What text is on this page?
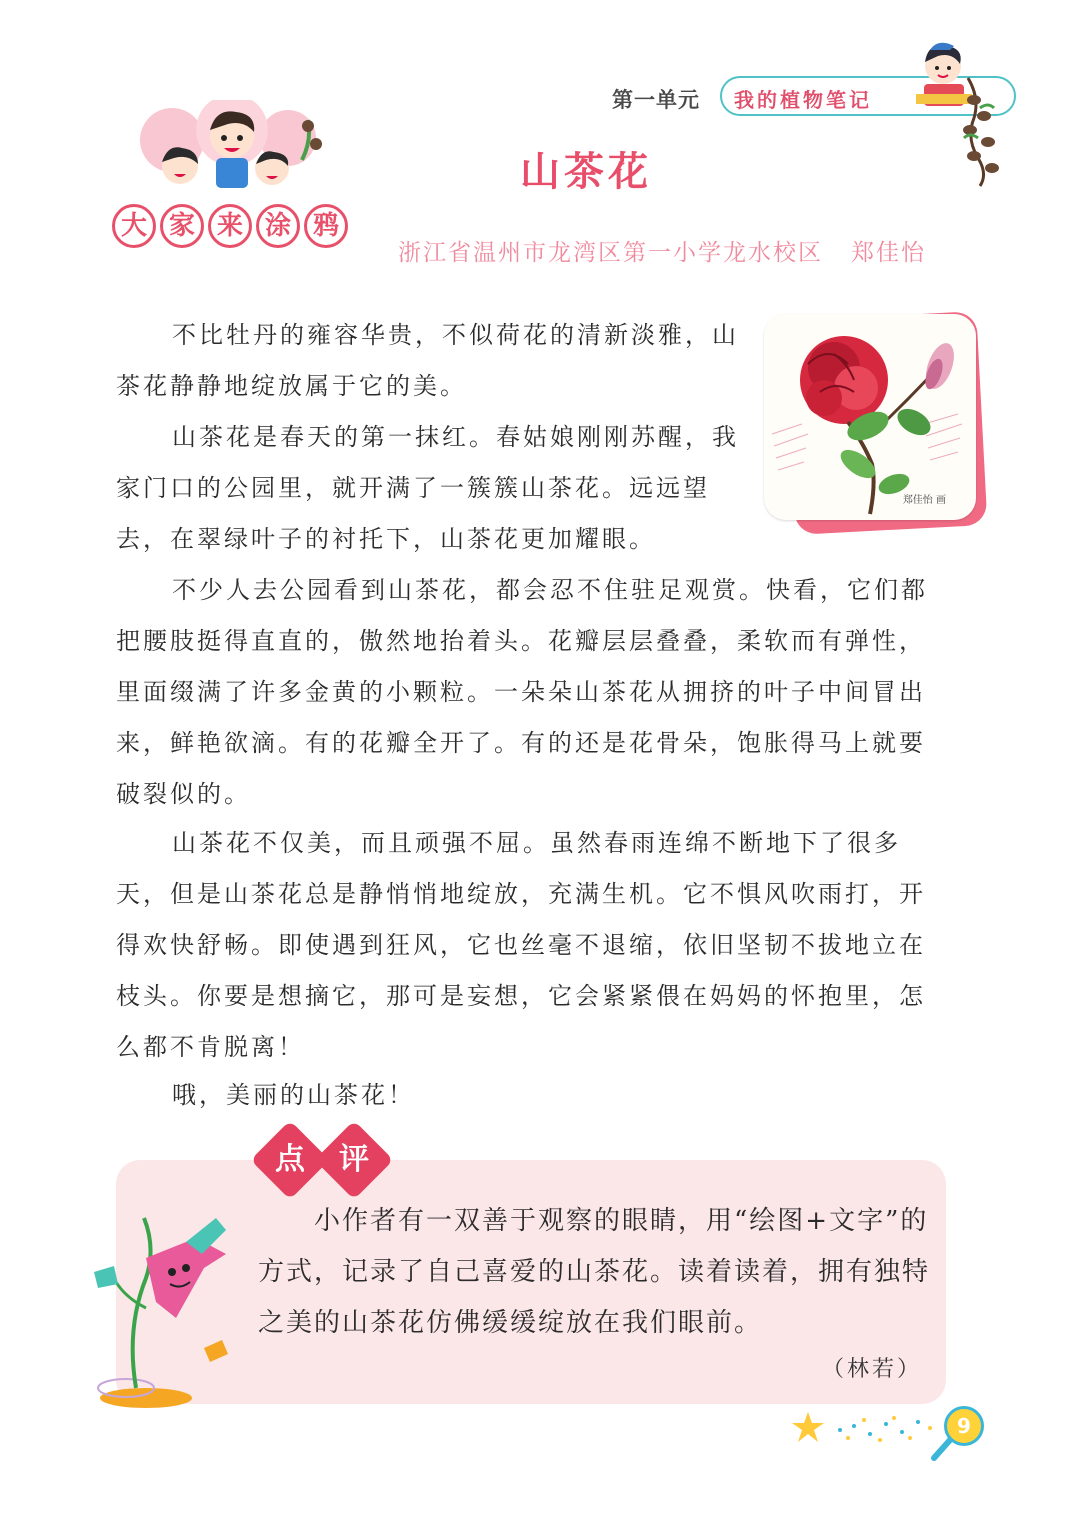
第一单元 我的植物笔记
大 家 来 涂 鸦
山茶花
浙江省温州市龙湾区第一小学龙水校区 郑佳怡
郑佳怡 画

不比牡丹的雍容华贵，不似荷花的清新淡雅，山茶花静静地绽放属于它的美。

山茶花是春天的第一抹红。春姑娘刚刚苏醒，我家门口的公园里，就开满了一簇簇山茶花。远远望去，在翠绿叶子的衬托下，山茶花更加耀眼。

不少人去公园看到山茶花，都会忍不住驻足观赏。快看，它们都把腰肢挺得直直的，傲然地抬着头。花瓣层层叠叠，柔软而有弹性，里面缀满了许多金黄的小颗粒。一朵朵山茶花从拥挤的叶子中间冒出来，鲜艳欲滴。有的花瓣全开了。有的还是花骨朵，饱胀得马上就要破裂似的。

山茶花不仅美，而且顽强不屈。虽然春雨连绵不断地下了很多天，但是山茶花总是静悄悄地绽放，充满生机。它不惧风吹雨打，开得欢快舒畅。即使遇到狂风，它也丝毫不退缩，依旧坚韧不拔地立在枝头。你要是想摘它，那可是妄想，它会紧紧偎在妈妈的怀抱里，怎么都不肯脱离！

哦，美丽的山茶花！

点	评
小作者有一双善于观察的眼睛，用“绘图+文字”的方式，记录了自己喜爱的山茶花。读着读着，拥有独特之美的山茶花仿佛缓缓绽放在我们眼前。
（林若）
9
